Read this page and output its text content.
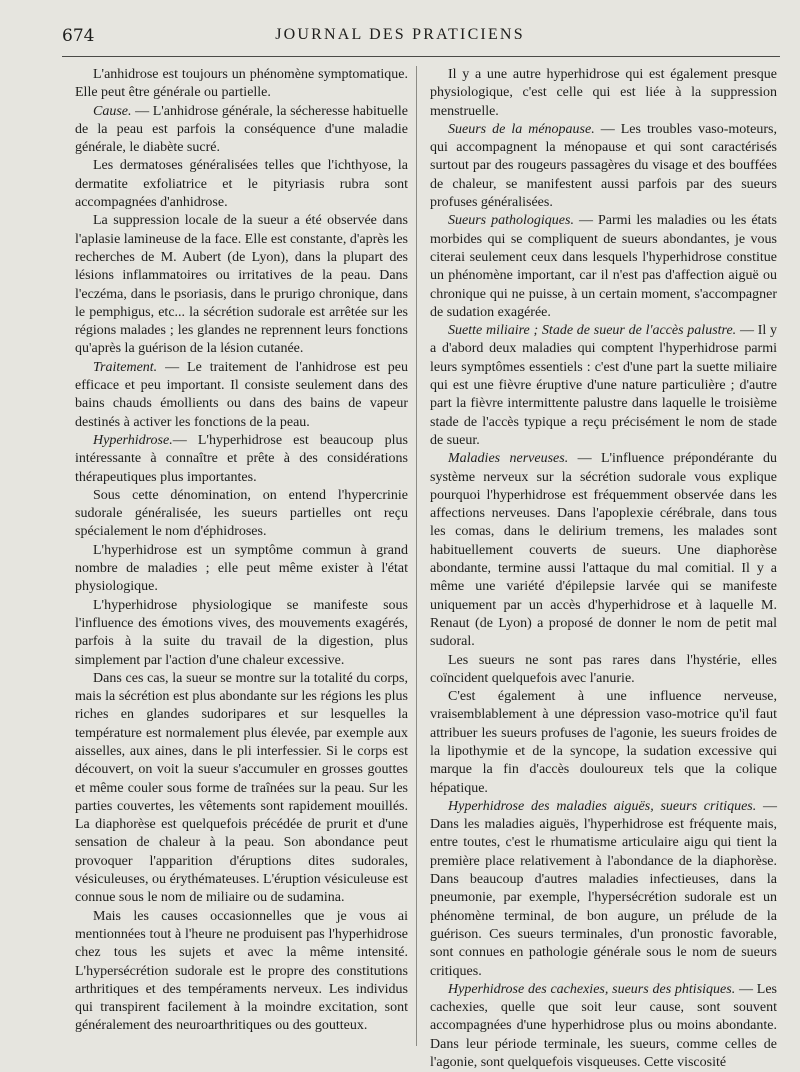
674	JOURNAL DES PRATICIENS

L'anhidrose est toujours un phénomène symptomatique. Elle peut être générale ou partielle.

Cause. — L'anhidrose générale, la sécheresse habituelle de la peau est parfois la conséquence d'une maladie générale, le diabète sucré.

Les dermatoses généralisées telles que l'ichthyose, la dermatite exfoliatrice et le pityriasis rubra sont accompagnées d'anhidrose.

La suppression locale de la sueur a été observée dans l'aplasie lamineuse de la face. Elle est constante, d'après les recherches de M. Aubert (de Lyon), dans la plupart des lésions inflammatoires ou irritatives de la peau. Dans l'eczéma, dans le psoriasis, dans le prurigo chronique, dans le pemphigus, etc... la sécrétion sudorale est arrêtée sur les régions malades ; les glandes ne reprennent leurs fonctions qu'après la guérison de la lésion cutanée.

Traitement. — Le traitement de l'anhidrose est peu efficace et peu important. Il consiste seulement dans des bains chauds émollients ou dans des bains de vapeur destinés à activer les fonctions de la peau.

Hyperhidrose.— L'hyperhidrose est beaucoup plus intéressante à connaître et prête à des considérations thérapeutiques plus importantes.

Sous cette dénomination, on entend l'hypercrinie sudorale généralisée, les sueurs partielles ont reçu spécialement le nom d'éphidroses.

L'hyperhidrose est un symptôme commun à grand nombre de maladies ; elle peut même exister à l'état physiologique.

L'hyperhidrose physiologique se manifeste sous l'influence des émotions vives, des mouvements exagérés, parfois à la suite du travail de la digestion, plus simplement par l'action d'une chaleur excessive.

Dans ces cas, la sueur se montre sur la totalité du corps, mais la sécrétion est plus abondante sur les régions les plus riches en glandes sudoripares et sur lesquelles la température est normalement plus élevée, par exemple aux aisselles, aux aines, dans le pli interfessier. Si le corps est découvert, on voit la sueur s'accumuler en grosses gouttes et même couler sous forme de traînées sur la peau. Sur les parties couvertes, les vêtements sont rapidement mouillés. La diaphorèse est quelquefois précédée de prurit et d'une sensation de chaleur à la peau. Son abondance peut provoquer l'apparition d'éruptions dites sudorales, vésiculeuses, ou érythémateuses. L'éruption vésiculeuse est connue sous le nom de miliaire ou de sudamina.

Mais les causes occasionnelles que je vous ai mentionnées tout à l'heure ne produisent pas l'hyperhidrose chez tous les sujets et avec la même intensité. L'hypersécrétion sudorale est le propre des constitutions arthritiques et des tempéraments nerveux. Les individus qui transpirent facilement à la moindre excitation, sont généralement des neuroarthritiques ou des goutteux.

Il y a une autre hyperhidrose qui est également presque physiologique, c'est celle qui est liée à la suppression menstruelle.

Sueurs de la ménopause. — Les troubles vaso-moteurs, qui accompagnent la ménopause et qui sont caractérisés surtout par des rougeurs passagères du visage et des bouffées de chaleur, se manifestent aussi parfois par des sueurs profuses généralisées.

Sueurs pathologiques. — Parmi les maladies ou les états morbides qui se compliquent de sueurs abondantes, je vous citerai seulement ceux dans lesquels l'hyperhidrose constitue un phénomène important, car il n'est pas d'affection aiguë ou chronique qui ne puisse, à un certain moment, s'accompagner de sudation exagérée.

Suette miliaire ; Stade de sueur de l'accès palustre. — Il y a d'abord deux maladies qui comptent l'hyperhidrose parmi leurs symptômes essentiels : c'est d'une part la suette miliaire qui est une fièvre éruptive d'une nature particulière ; d'autre part la fièvre intermittente palustre dans laquelle le troisième stade de l'accès typique a reçu précisément le nom de stade de sueur.

Maladies nerveuses. — L'influence prépondérante du système nerveux sur la sécrétion sudorale vous explique pourquoi l'hyperhidrose est fréquemment observée dans les affections nerveuses. Dans l'apoplexie cérébrale, dans tous les comas, dans le delirium tremens, les malades sont habituellement couverts de sueurs. Une diaphorèse abondante, termine aussi l'attaque du mal comitial. Il y a même une variété d'épilepsie larvée qui se manifeste uniquement par un accès d'hyperhidrose et à laquelle M. Renaut (de Lyon) a proposé de donner le nom de petit mal sudoral.

Les sueurs ne sont pas rares dans l'hystérie, elles coïncident quelquefois avec l'anurie.

C'est également à une influence nerveuse, vraisemblablement à une dépression vaso-motrice qu'il faut attribuer les sueurs profuses de l'agonie, les sueurs froides de la lipothymie et de la syncope, la sudation excessive qui marque la fin d'accès douloureux tels que la colique hépatique.

Hyperhidrose des maladies aiguës, sueurs critiques. — Dans les maladies aiguës, l'hyperhidrose est fréquente mais, entre toutes, c'est le rhumatisme articulaire aigu qui tient la première place relativement à l'abondance de la diaphorèse. Dans beaucoup d'autres maladies infectieuses, dans la pneumonie, par exemple, l'hypersécrétion sudorale est un phénomène terminal, de bon augure, un prélude de la guérison. Ces sueurs terminales, d'un pronostic favorable, sont connues en pathologie générale sous le nom de sueurs critiques.

Hyperhidrose des cachexies, sueurs des phtisiques. — Les cachexies, quelle que soit leur cause, sont souvent accompagnées d'une hyperhidrose plus ou moins abondante. Dans leur période terminale, les sueurs, comme celles de l'agonie, sont quelquefois visqueuses. Cette viscosité
